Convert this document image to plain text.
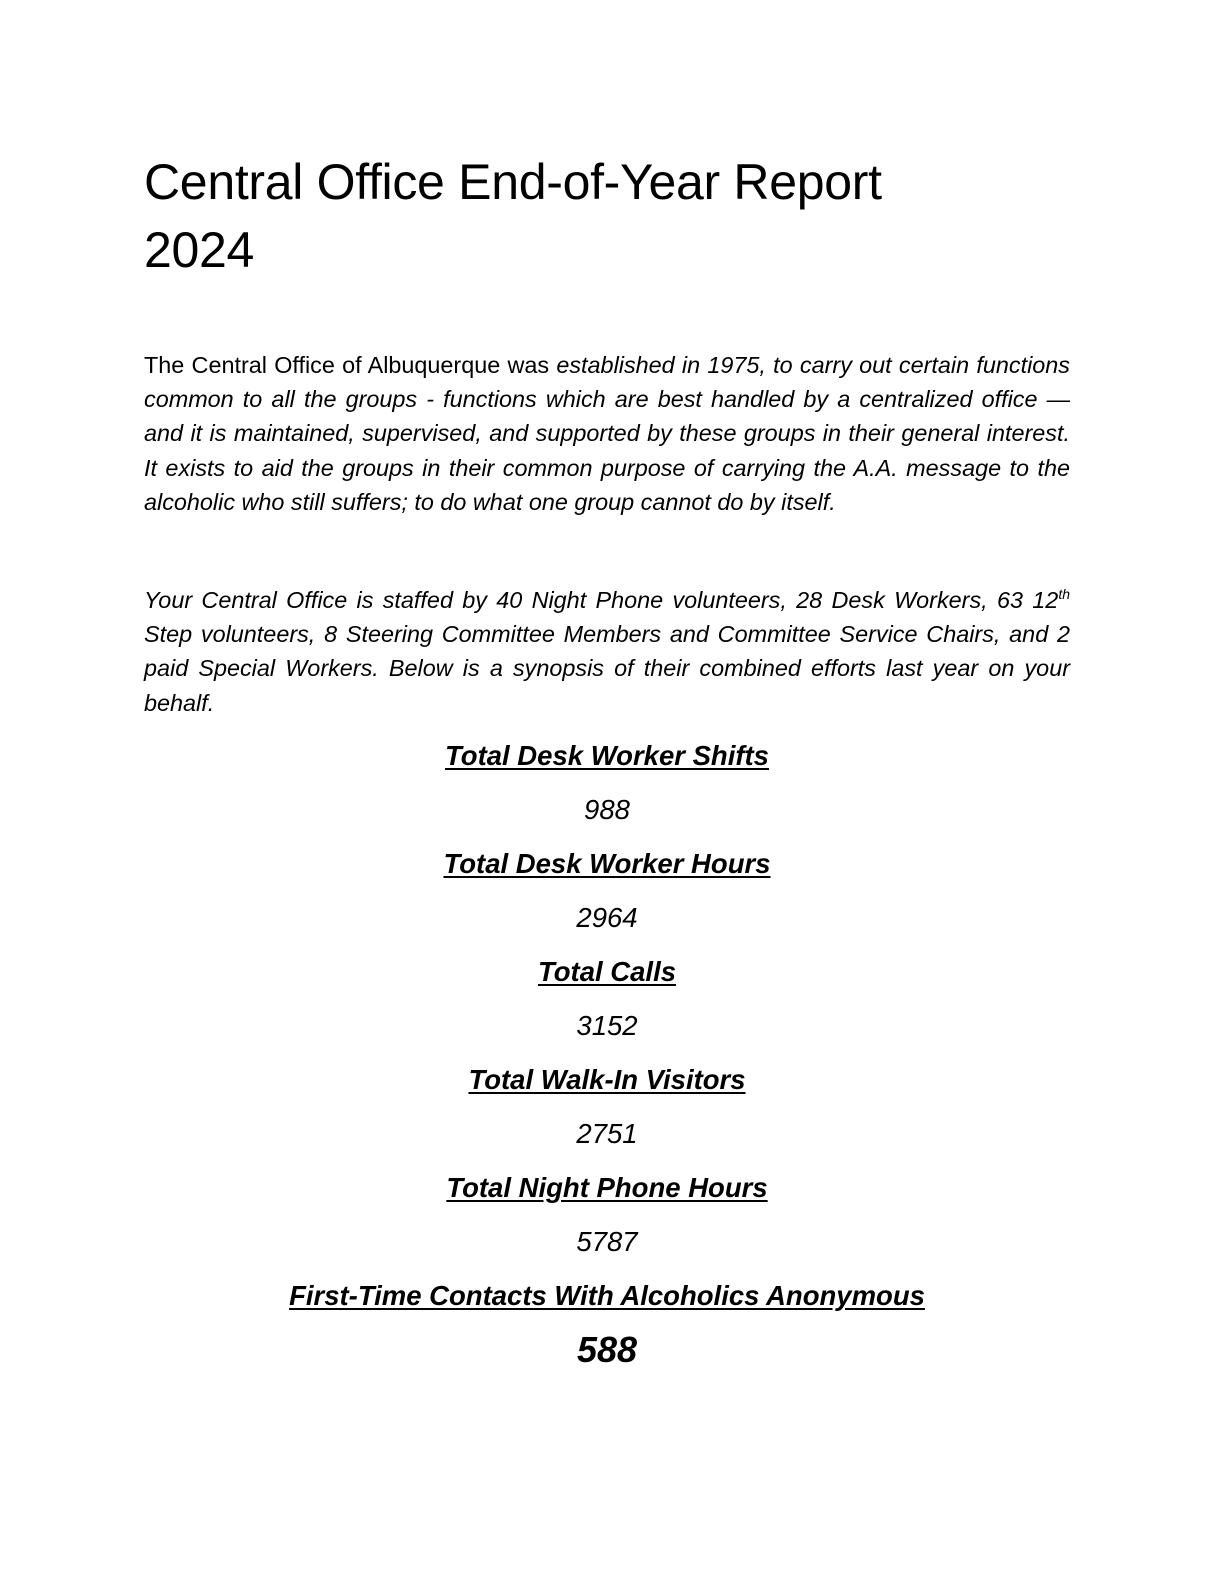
Central Office End-of-Year Report
2024

The Central Office of Albuquerque was established in 1975, to carry out certain functions common to all the groups - functions which are best handled by a centralized office — and it is maintained, supervised, and supported by these groups in their general interest. It exists to aid the groups in their common purpose of carrying the A.A. message to the alcoholic who still suffers; to do what one group cannot do by itself.

Your Central Office is staffed by 40 Night Phone volunteers, 28 Desk Workers, 63 12th Step volunteers, 8 Steering Committee Members and Committee Service Chairs, and 2 paid Special Workers. Below is a synopsis of their combined efforts last year on your behalf.

Total Desk Worker Shifts
988
Total Desk Worker Hours
2964
Total Calls
3152
Total Walk-In Visitors
2751
Total Night Phone Hours
5787
First-Time Contacts With Alcoholics Anonymous
588
